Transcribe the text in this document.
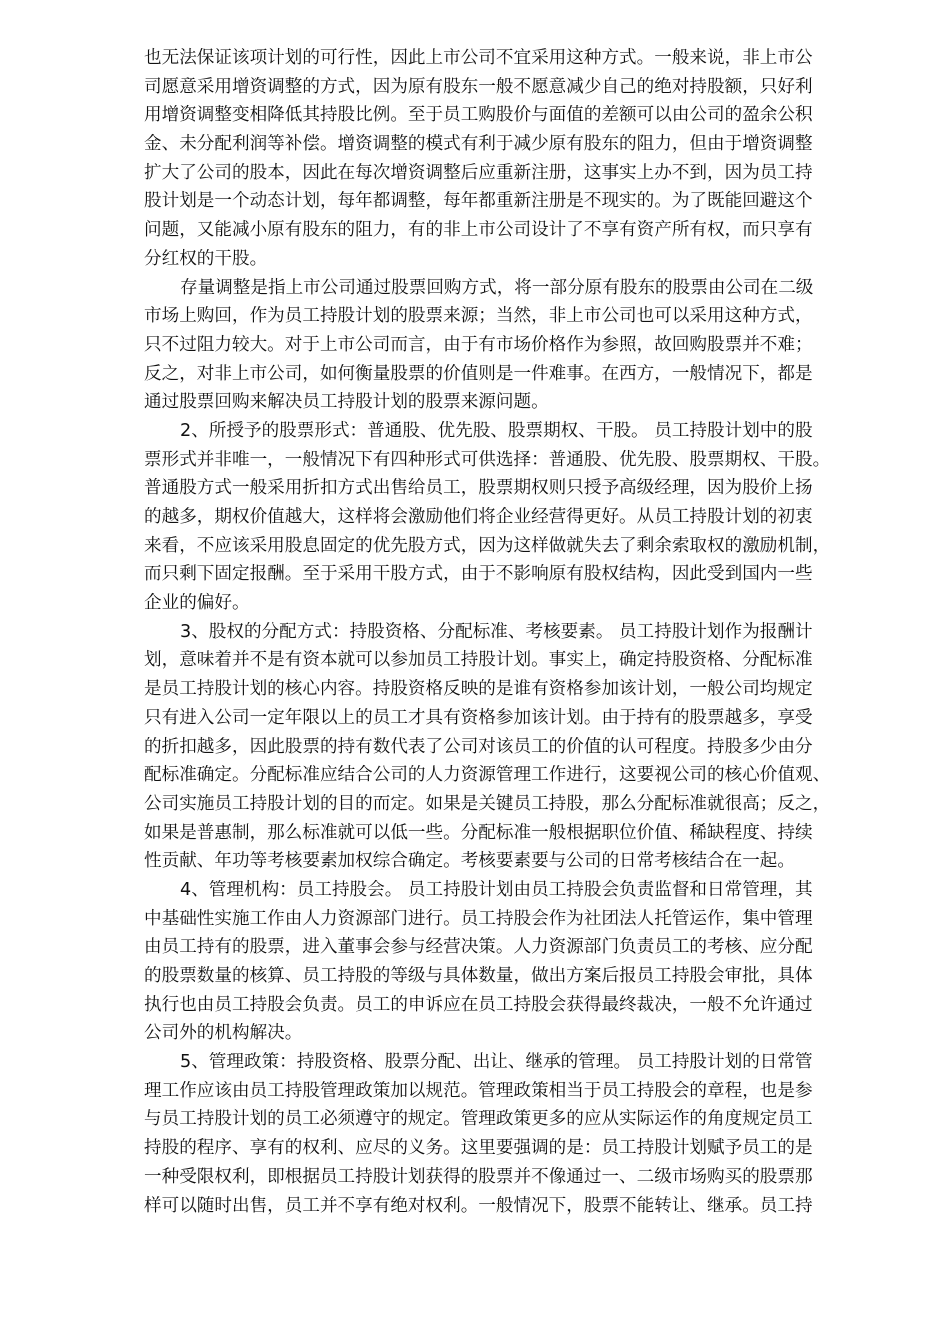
也无法保证该项计划的可行性，因此上市公司不宜采用这种方式。一般来说，非上市公
司愿意采用增资调整的方式，因为原有股东一般不愿意减少自己的绝对持股额，只好利
用增资调整变相降低其持股比例。至于员工购股价与面值的差额可以由公司的盈余公积
金、未分配利润等补偿。增资调整的模式有利于减少原有股东的阻力，但由于增资调整
扩大了公司的股本，因此在每次增资调整后应重新注册，这事实上办不到，因为员工持
股计划是一个动态计划，每年都调整，每年都重新注册是不现实的。为了既能回避这个
问题，又能减小原有股东的阻力，有的非上市公司设计了不享有资产所有权，而只享有
分红权的干股。
存量调整是指上市公司通过股票回购方式，将一部分原有股东的股票由公司在二级
市场上购回，作为员工持股计划的股票来源；当然，非上市公司也可以采用这种方式，
只不过阻力较大。对于上市公司而言，由于有市场价格作为参照，故回购股票并不难；
反之，对非上市公司，如何衡量股票的价值则是一件难事。在西方，一般情况下，都是
通过股票回购来解决员工持股计划的股票来源问题。
2、所授予的股票形式：普通股、优先股、股票期权、干股。 员工持股计划中的股
票形式并非唯一，一般情况下有四种形式可供选择：普通股、优先股、股票期权、干股。
普通股方式一般采用折扣方式出售给员工，股票期权则只授予高级经理，因为股价上扬
的越多，期权价值越大，这样将会激励他们将企业经营得更好。从员工持股计划的初衷
来看，不应该采用股息固定的优先股方式，因为这样做就失去了剩余索取权的激励机制，
而只剩下固定报酬。至于采用干股方式，由于不影响原有股权结构，因此受到国内一些
企业的偏好。
3、股权的分配方式：持股资格、分配标准、考核要素。 员工持股计划作为报酬计
划，意味着并不是有资本就可以参加员工持股计划。事实上，确定持股资格、分配标准
是员工持股计划的核心内容。持股资格反映的是谁有资格参加该计划，一般公司均规定
只有进入公司一定年限以上的员工才具有资格参加该计划。由于持有的股票越多，享受
的折扣越多，因此股票的持有数代表了公司对该员工的价值的认可程度。持股多少由分
配标准确定。分配标准应结合公司的人力资源管理工作进行，这要视公司的核心价值观、
公司实施员工持股计划的目的而定。如果是关键员工持股，那么分配标准就很高；反之，
如果是普惠制，那么标准就可以低一些。分配标准一般根据职位价值、稀缺程度、持续
性贡献、年功等考核要素加权综合确定。考核要素要与公司的日常考核结合在一起。
4、管理机构：员工持股会。 员工持股计划由员工持股会负责监督和日常管理，其
中基础性实施工作由人力资源部门进行。员工持股会作为社团法人托管运作，集中管理
由员工持有的股票，进入董事会参与经营决策。人力资源部门负责员工的考核、应分配
的股票数量的核算、员工持股的等级与具体数量，做出方案后报员工持股会审批，具体
执行也由员工持股会负责。员工的申诉应在员工持股会获得最终裁决，一般不允许通过
公司外的机构解决。
5、管理政策：持股资格、股票分配、出让、继承的管理。 员工持股计划的日常管
理工作应该由员工持股管理政策加以规范。管理政策相当于员工持股会的章程，也是参
与员工持股计划的员工必须遵守的规定。管理政策更多的应从实际运作的角度规定员工
持股的程序、享有的权利、应尽的义务。这里要强调的是：员工持股计划赋予员工的是
一种受限权利，即根据员工持股计划获得的股票并不像通过一、二级市场购买的股票那
样可以随时出售，员工并不享有绝对权利。一般情况下，股票不能转让、继承。员工持
